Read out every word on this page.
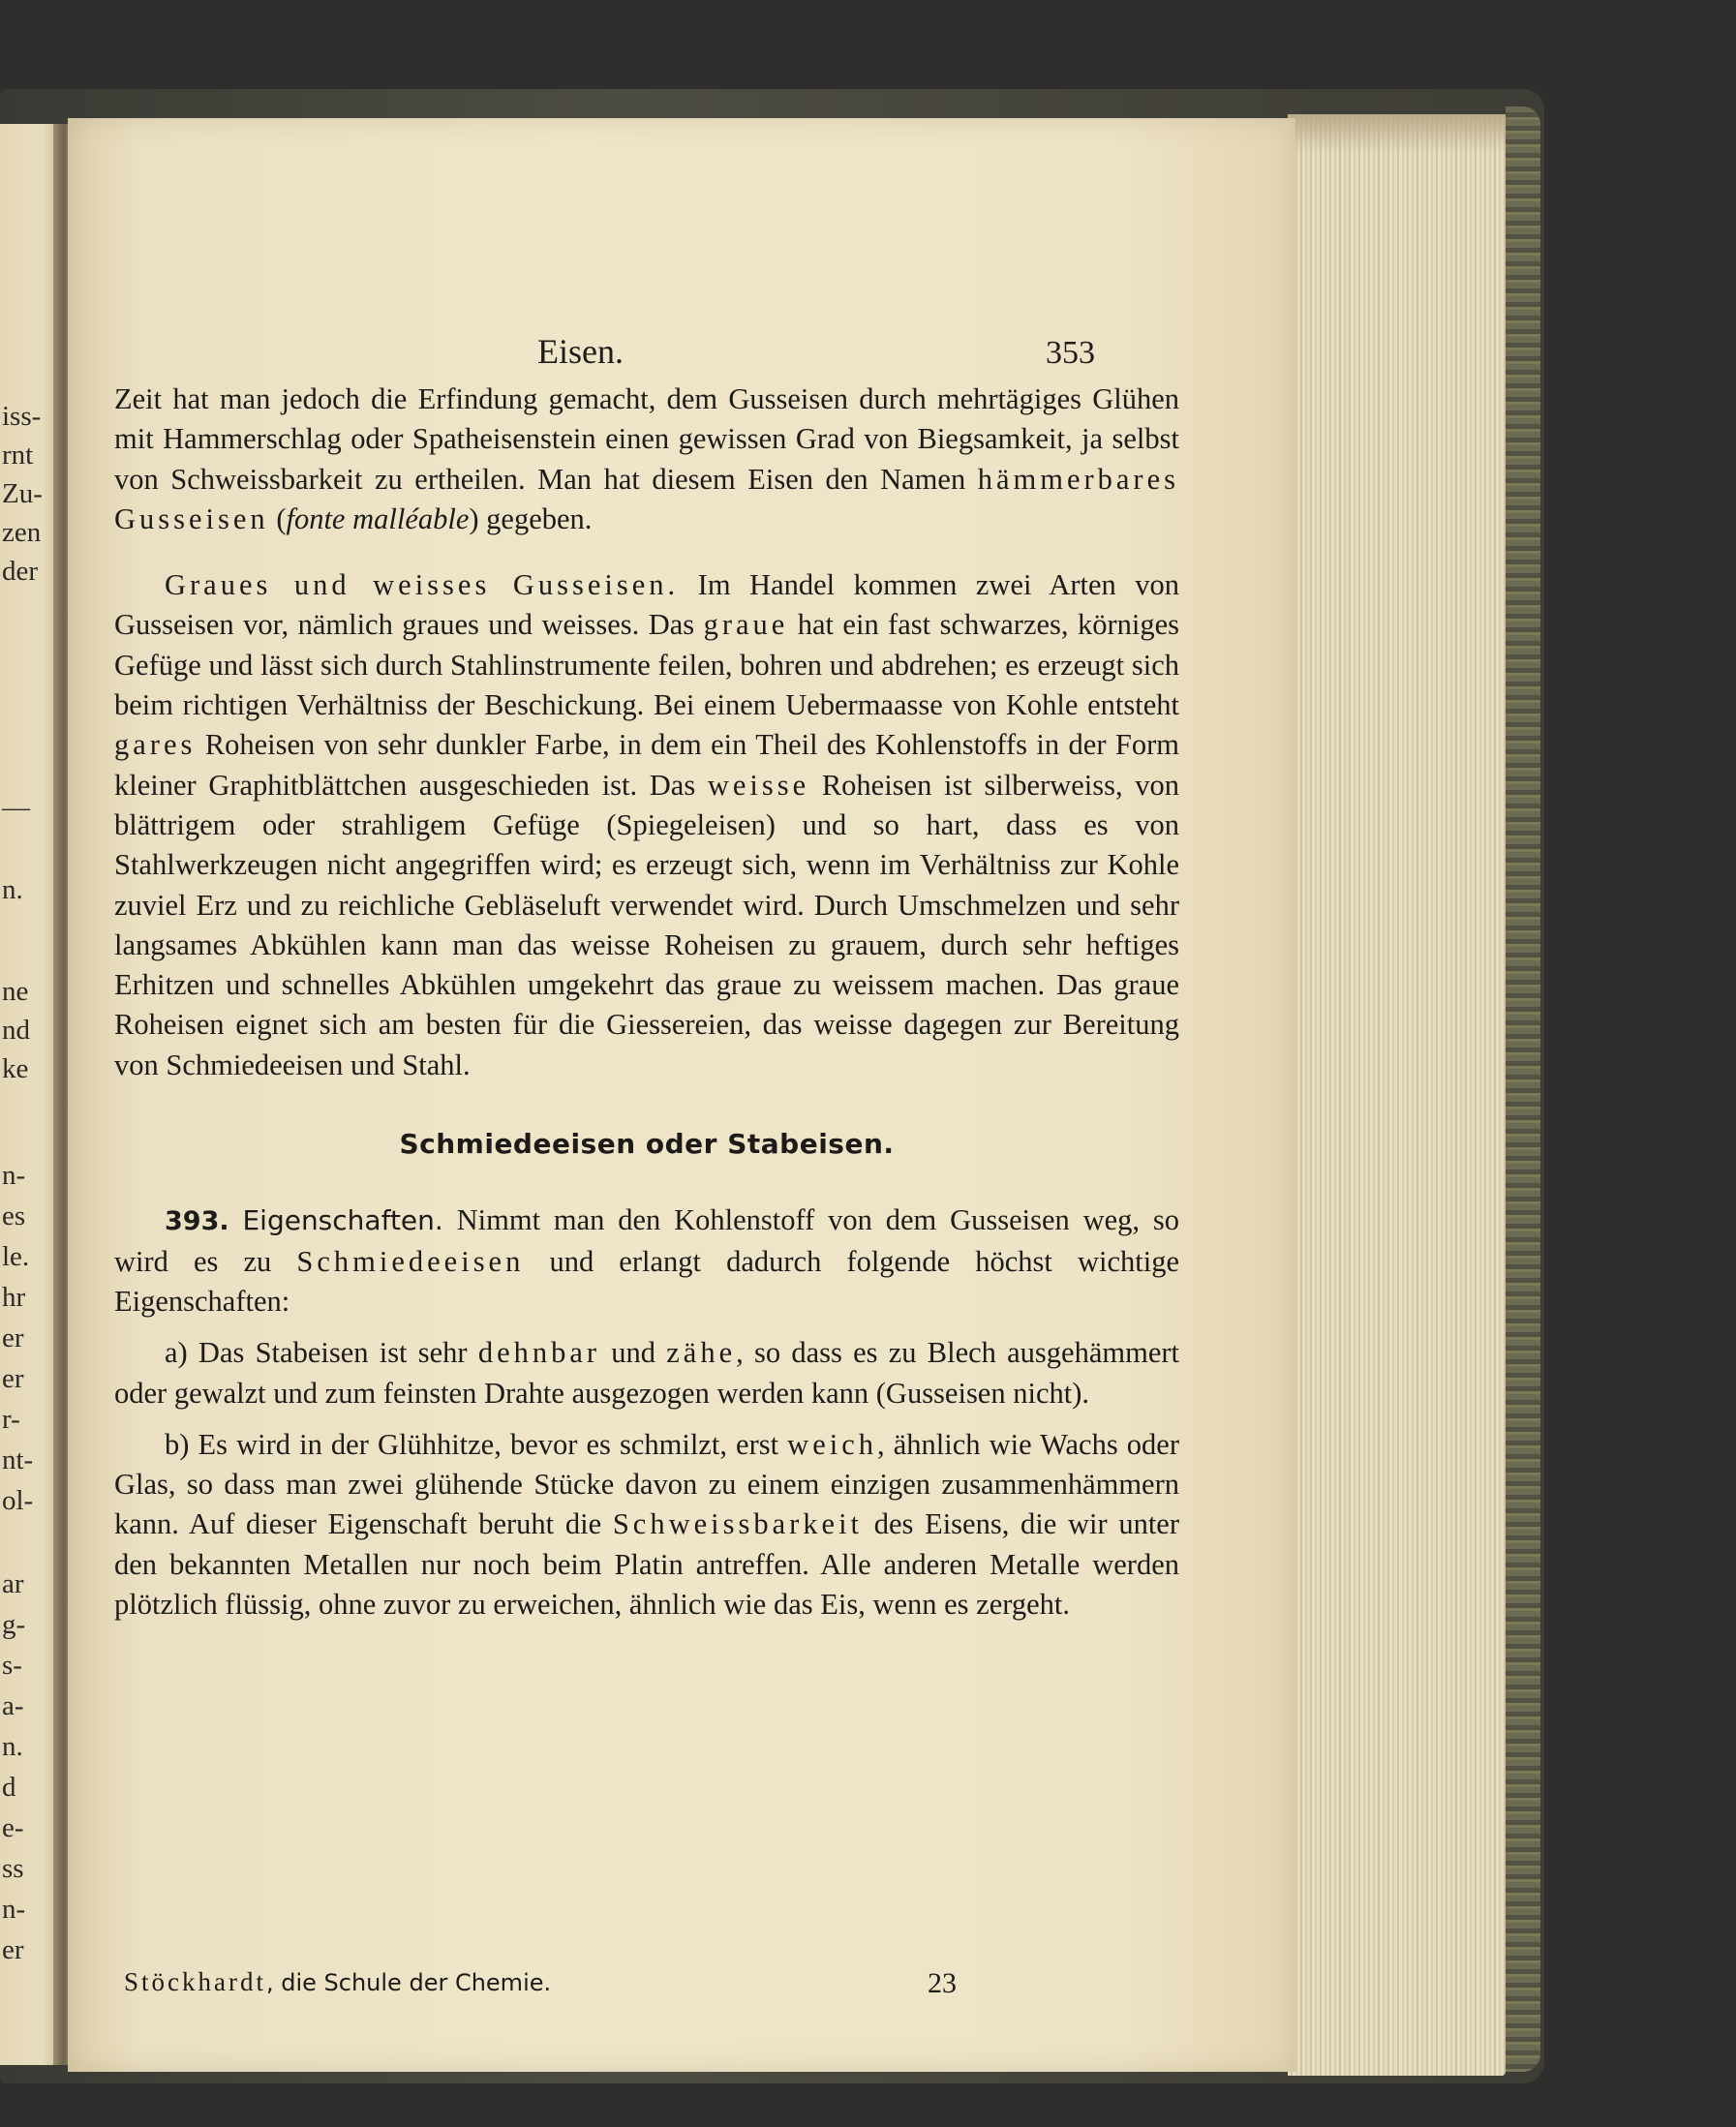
iss-
rnt
Zu-
zen
der
—
n.
ne
nd
ke
n-
es
le.
hr
er
er
r-
nt-
ol-
ar
g-
s-
a-
n.
d
e-
ss
n-
er
Eisen.	353

Zeit hat man jedoch die Erfindung gemacht, dem Gusseisen durch mehrtägiges Glühen mit Hammerschlag oder Spatheisenstein einen gewissen Grad von Biegsamkeit, ja selbst von Schweissbarkeit zu ertheilen. Man hat diesem Eisen den Namen hämmerbares Gusseisen (fonte malléable) gegeben.

Graues und weisses Gusseisen. Im Handel kommen zwei Arten von Gusseisen vor, nämlich graues und weisses. Das graue hat ein fast schwarzes, körniges Gefüge und lässt sich durch Stahlinstrumente feilen, bohren und abdrehen; es erzeugt sich beim richtigen Verhältniss der Beschickung. Bei einem Uebermaasse von Kohle entsteht gares Roheisen von sehr dunkler Farbe, in dem ein Theil des Kohlenstoffs in der Form kleiner Graphitblättchen ausgeschieden ist. Das weisse Roheisen ist silberweiss, von blättrigem oder strahligem Gefüge (Spiegeleisen) und so hart, dass es von Stahlwerkzeugen nicht angegriffen wird; es erzeugt sich, wenn im Verhältniss zur Kohle zuviel Erz und zu reichliche Gebläseluft verwendet wird. Durch Umschmelzen und sehr langsames Abkühlen kann man das weisse Roheisen zu grauem, durch sehr heftiges Erhitzen und schnelles Abkühlen umgekehrt das graue zu weissem machen. Das graue Roheisen eignet sich am besten für die Giessereien, das weisse dagegen zur Bereitung von Schmiedeeisen und Stahl.

Schmiedeeisen oder Stabeisen.

393. Eigenschaften. Nimmt man den Kohlenstoff von dem Gusseisen weg, so wird es zu Schmiedeeisen und erlangt dadurch folgende höchst wichtige Eigenschaften:

a) Das Stabeisen ist sehr dehnbar und zähe, so dass es zu Blech ausgehämmert oder gewalzt und zum feinsten Drahte ausgezogen werden kann (Gusseisen nicht).

b) Es wird in der Glühhitze, bevor es schmilzt, erst weich, ähnlich wie Wachs oder Glas, so dass man zwei glühende Stücke davon zu einem einzigen zusammenhämmern kann. Auf dieser Eigenschaft beruht die Schweissbarkeit des Eisens, die wir unter den bekannten Metallen nur noch beim Platin antreffen. Alle anderen Metalle werden plötzlich flüssig, ohne zuvor zu erweichen, ähnlich wie das Eis, wenn es zergeht.

Stöckhardt, die Schule der Chemie.	23
